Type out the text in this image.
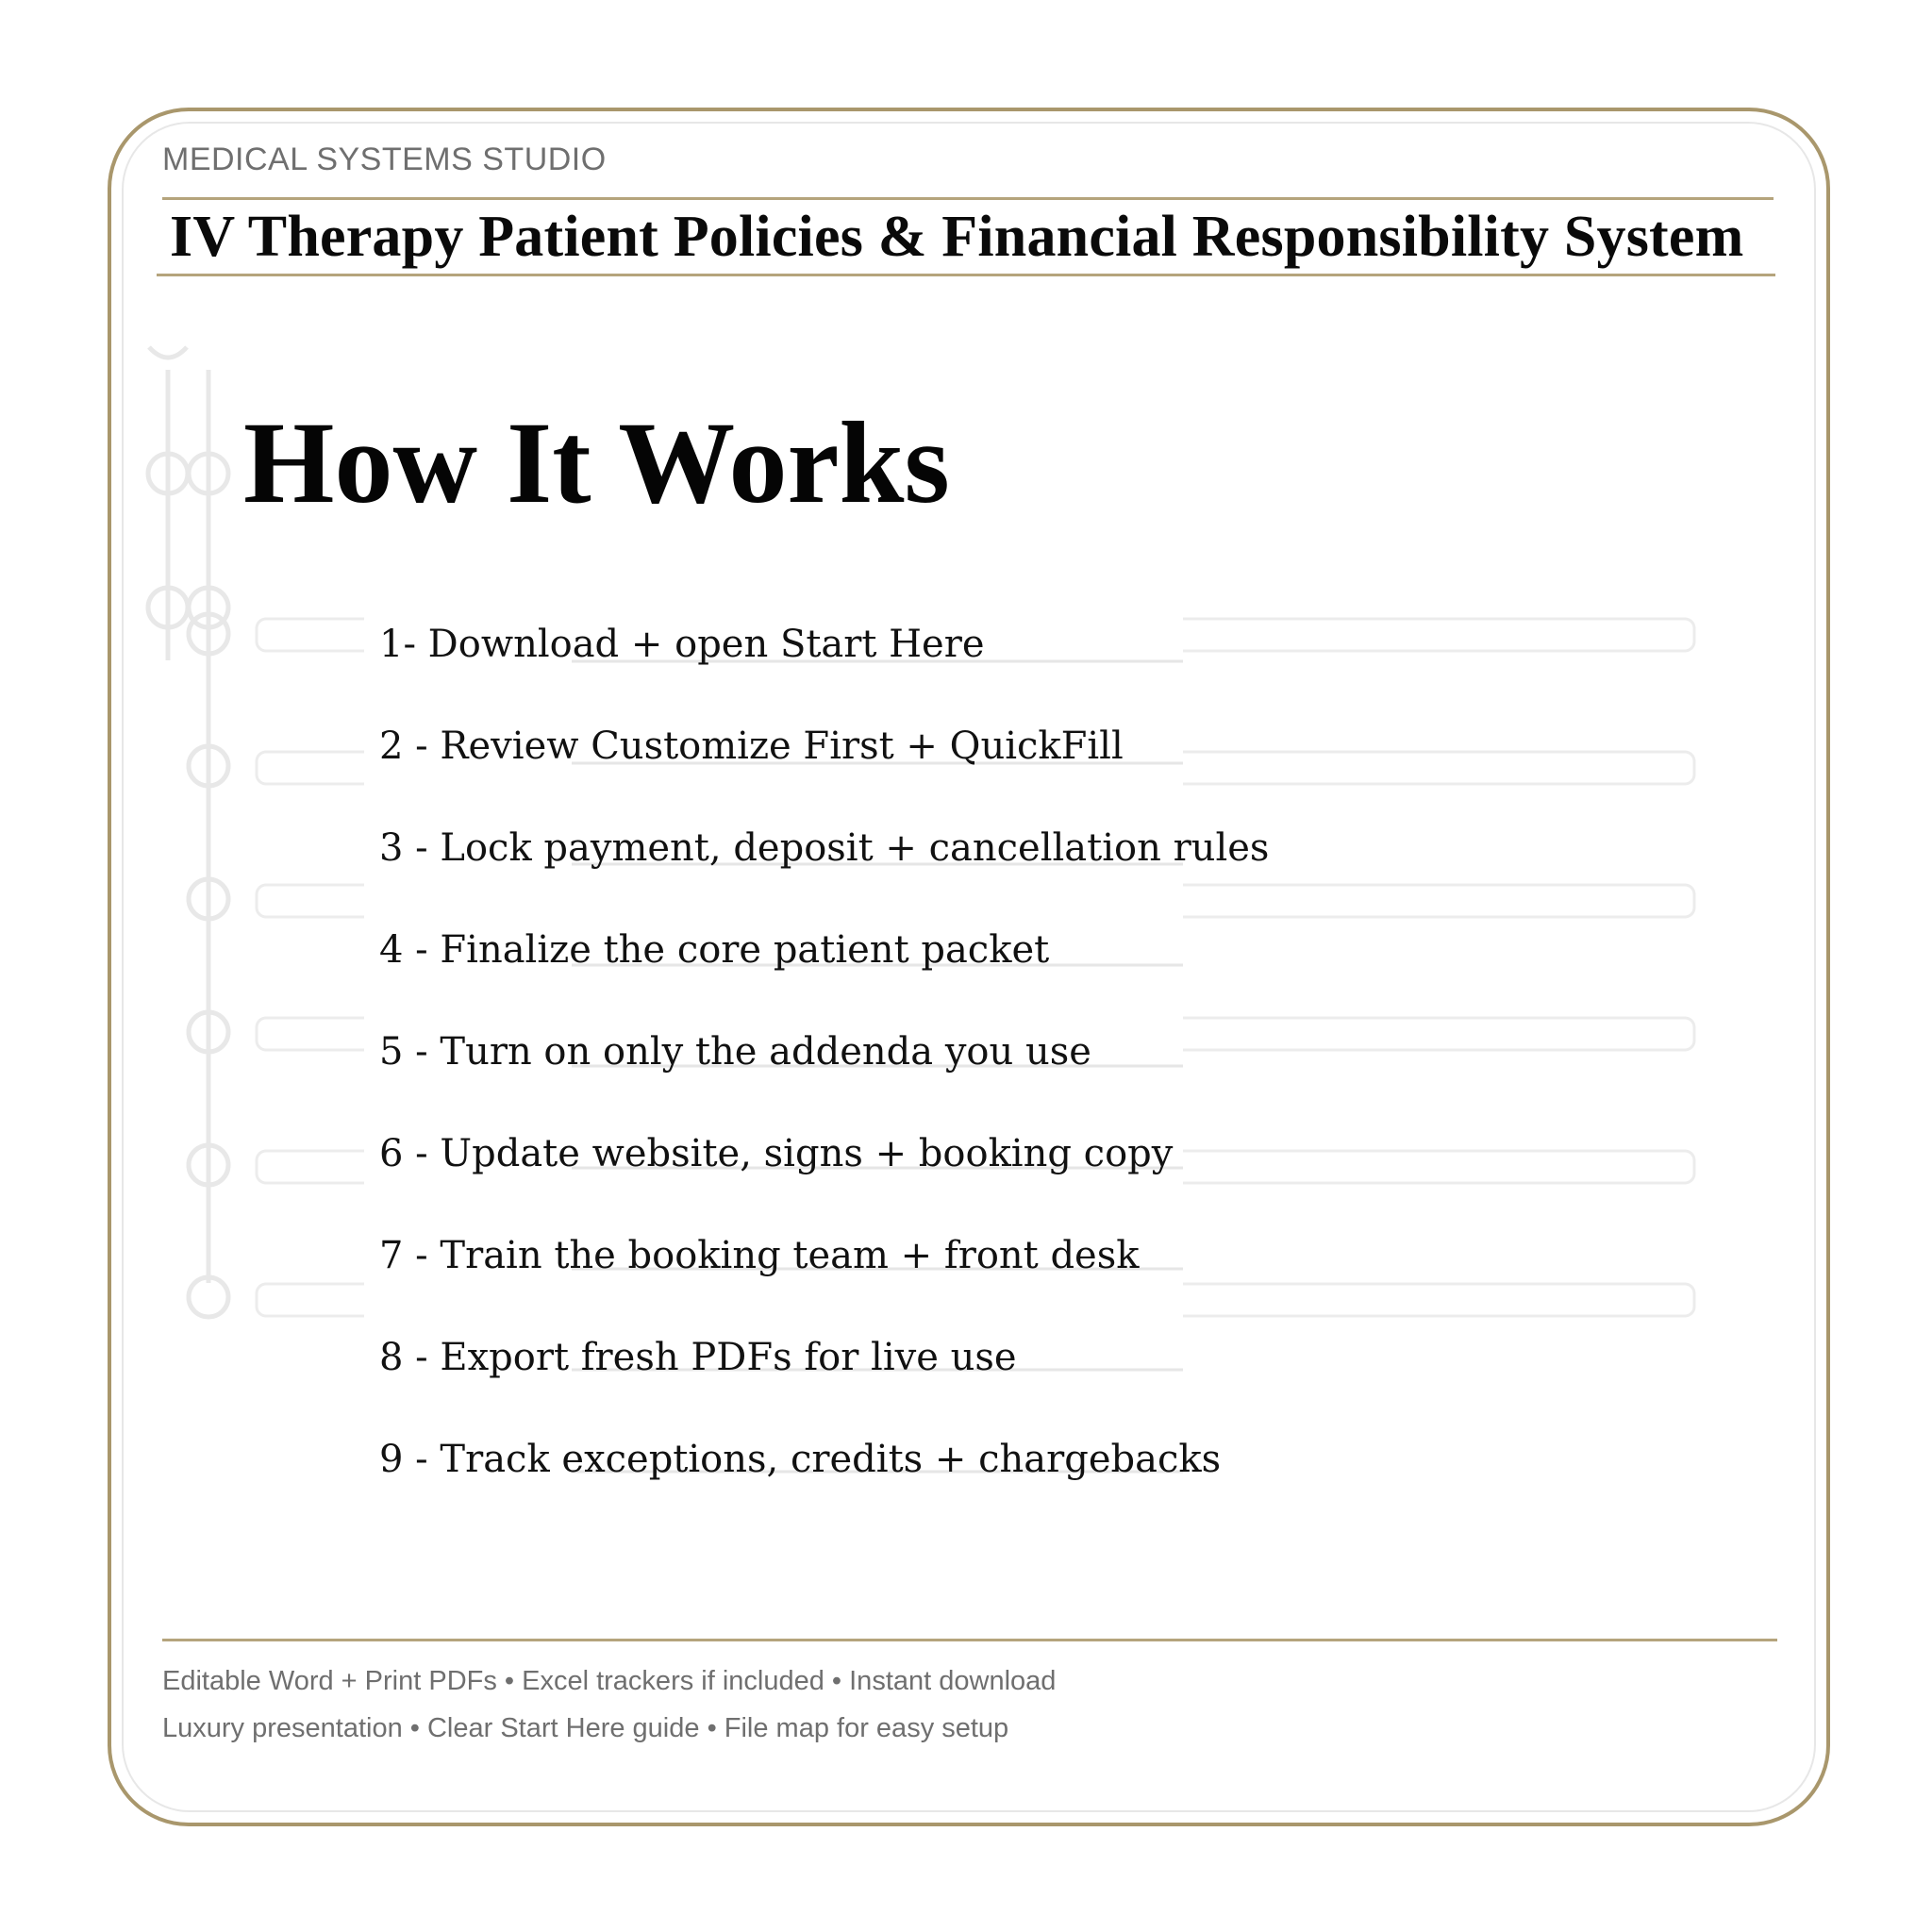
MEDICAL SYSTEMS STUDIO
IV Therapy Patient Policies & Financial Responsibility System
How It Works
1- Download + open Start Here
2 - Review Customize First + QuickFill
3 - Lock payment, deposit + cancellation rules
4 - Finalize the core patient packet
5 - Turn on only the addenda you use
6 - Update website, signs + booking copy
7 - Train the booking team + front desk
8 - Export fresh PDFs for live use
9 - Track exceptions, credits + chargebacks
Editable Word + Print PDFs • Excel trackers if included • Instant download
Luxury presentation • Clear Start Here guide • File map for easy setup
